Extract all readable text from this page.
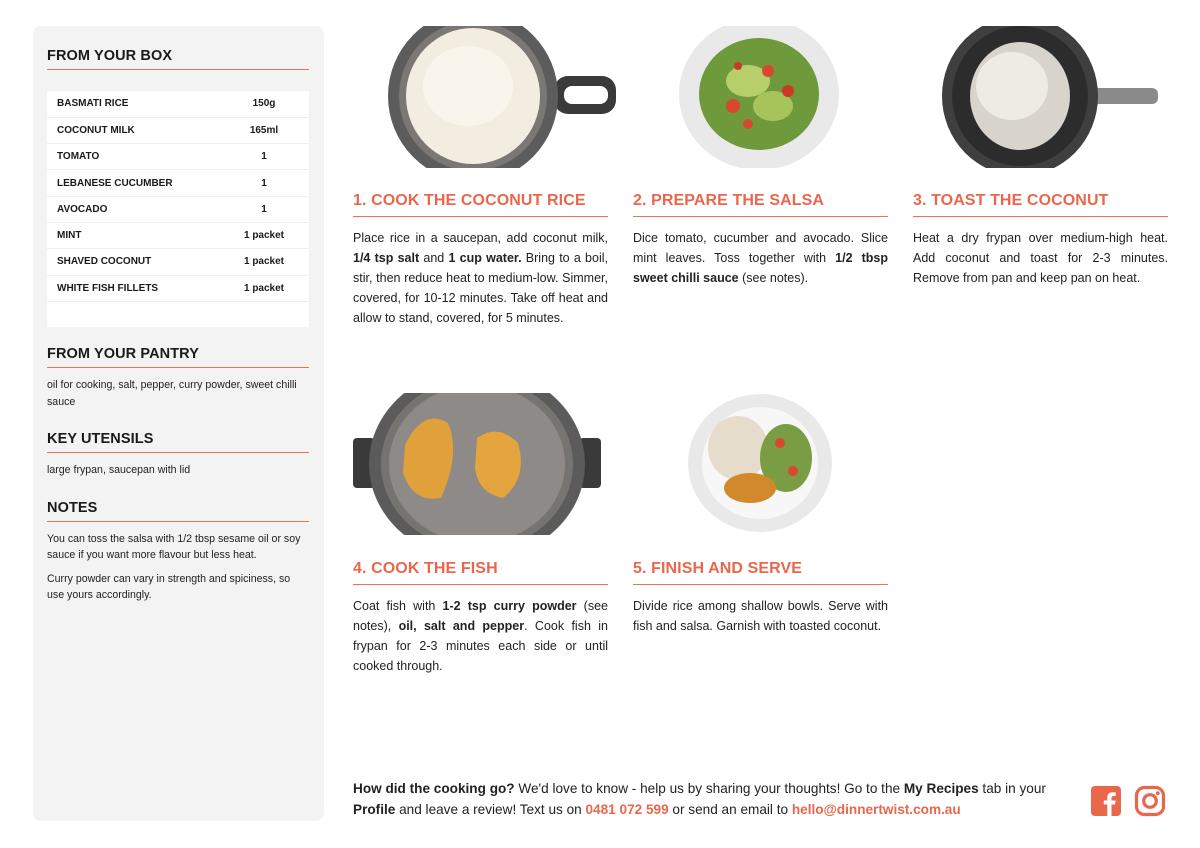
FROM YOUR BOX
BASMATI RICE	150g
COCONUT MILK	165ml
TOMATO	1
LEBANESE CUCUMBER	1
AVOCADO	1
MINT	1 packet
SHAVED COCONUT	1 packet
WHITE FISH FILLETS	1 packet

FROM YOUR PANTRY
oil for cooking, salt, pepper, curry powder, sweet chilli sauce
KEY UTENSILS
large frypan, saucepan with lid
NOTES
You can toss the salsa with 1/2 tbsp sesame oil or soy sauce if you want more flavour but less heat.
Curry powder can vary in strength and spiciness, so use yours accordingly.
1. COOK THE COCONUT RICE
Place rice in a saucepan, add coconut milk, 1/4 tsp salt and 1 cup water. Bring to a boil, stir, then reduce heat to medium-low. Simmer, covered, for 10-12 minutes. Take off heat and allow to stand, covered, for 5 minutes.
2. PREPARE THE SALSA
Dice tomato, cucumber and avocado. Slice mint leaves. Toss together with 1/2 tbsp sweet chilli sauce (see notes).
3. TOAST THE COCONUT
Heat a dry frypan over medium-high heat. Add coconut and toast for 2-3 minutes. Remove from pan and keep pan on heat.
4. COOK THE FISH
Coat fish with 1-2 tsp curry powder (see notes), oil, salt and pepper. Cook fish in frypan for 2-3 minutes each side or until cooked through.
5. FINISH AND SERVE
Divide rice among shallow bowls. Serve with fish and salsa. Garnish with toasted coconut.
How did the cooking go? We'd love to know - help us by sharing your thoughts! Go to the My Recipes tab in your Profile and leave a review! Text us on 0481 072 599 or send an email to hello@dinnertwist.com.au
